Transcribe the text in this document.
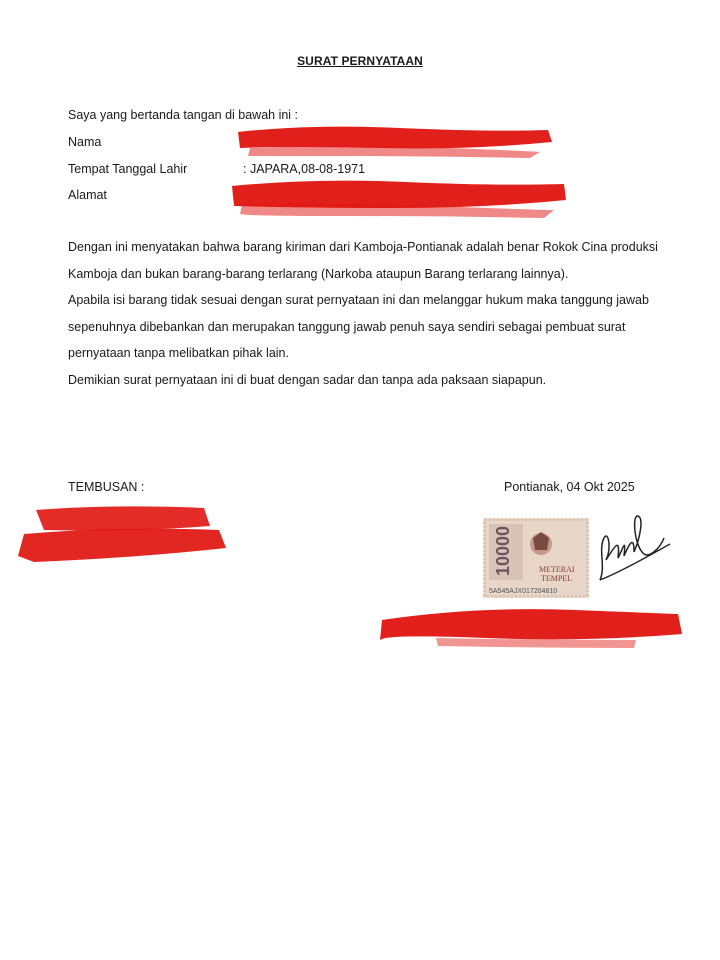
SURAT PERNYATAAN
Saya yang bertanda tangan di bawah ini :
Nama
Tempat Tanggal Lahir	: JAPARA,08-08-1971
Alamat

Dengan ini menyatakan bahwa barang kiriman dari Kamboja-Pontianak adalah benar Rokok Cina produksi Kamboja dan bukan barang-barang terlarang (Narkoba ataupun Barang terlarang lainnya).

Apabila isi barang tidak sesuai dengan surat pernyataan ini dan melanggar hukum maka tanggung jawab sepenuhnya dibebankan dan merupakan tanggung jawab penuh saya sendiri sebagai pembuat surat pernyataan tanpa melibatkan pihak lain.

Demikian surat pernyataan ini di buat dengan sadar dan tanpa ada paksaan siapapun.

TEMBUSAN :	Pontianak, 04 Okt 2025
10000	METERAI
TEMPEL
5A545AJX017204810
